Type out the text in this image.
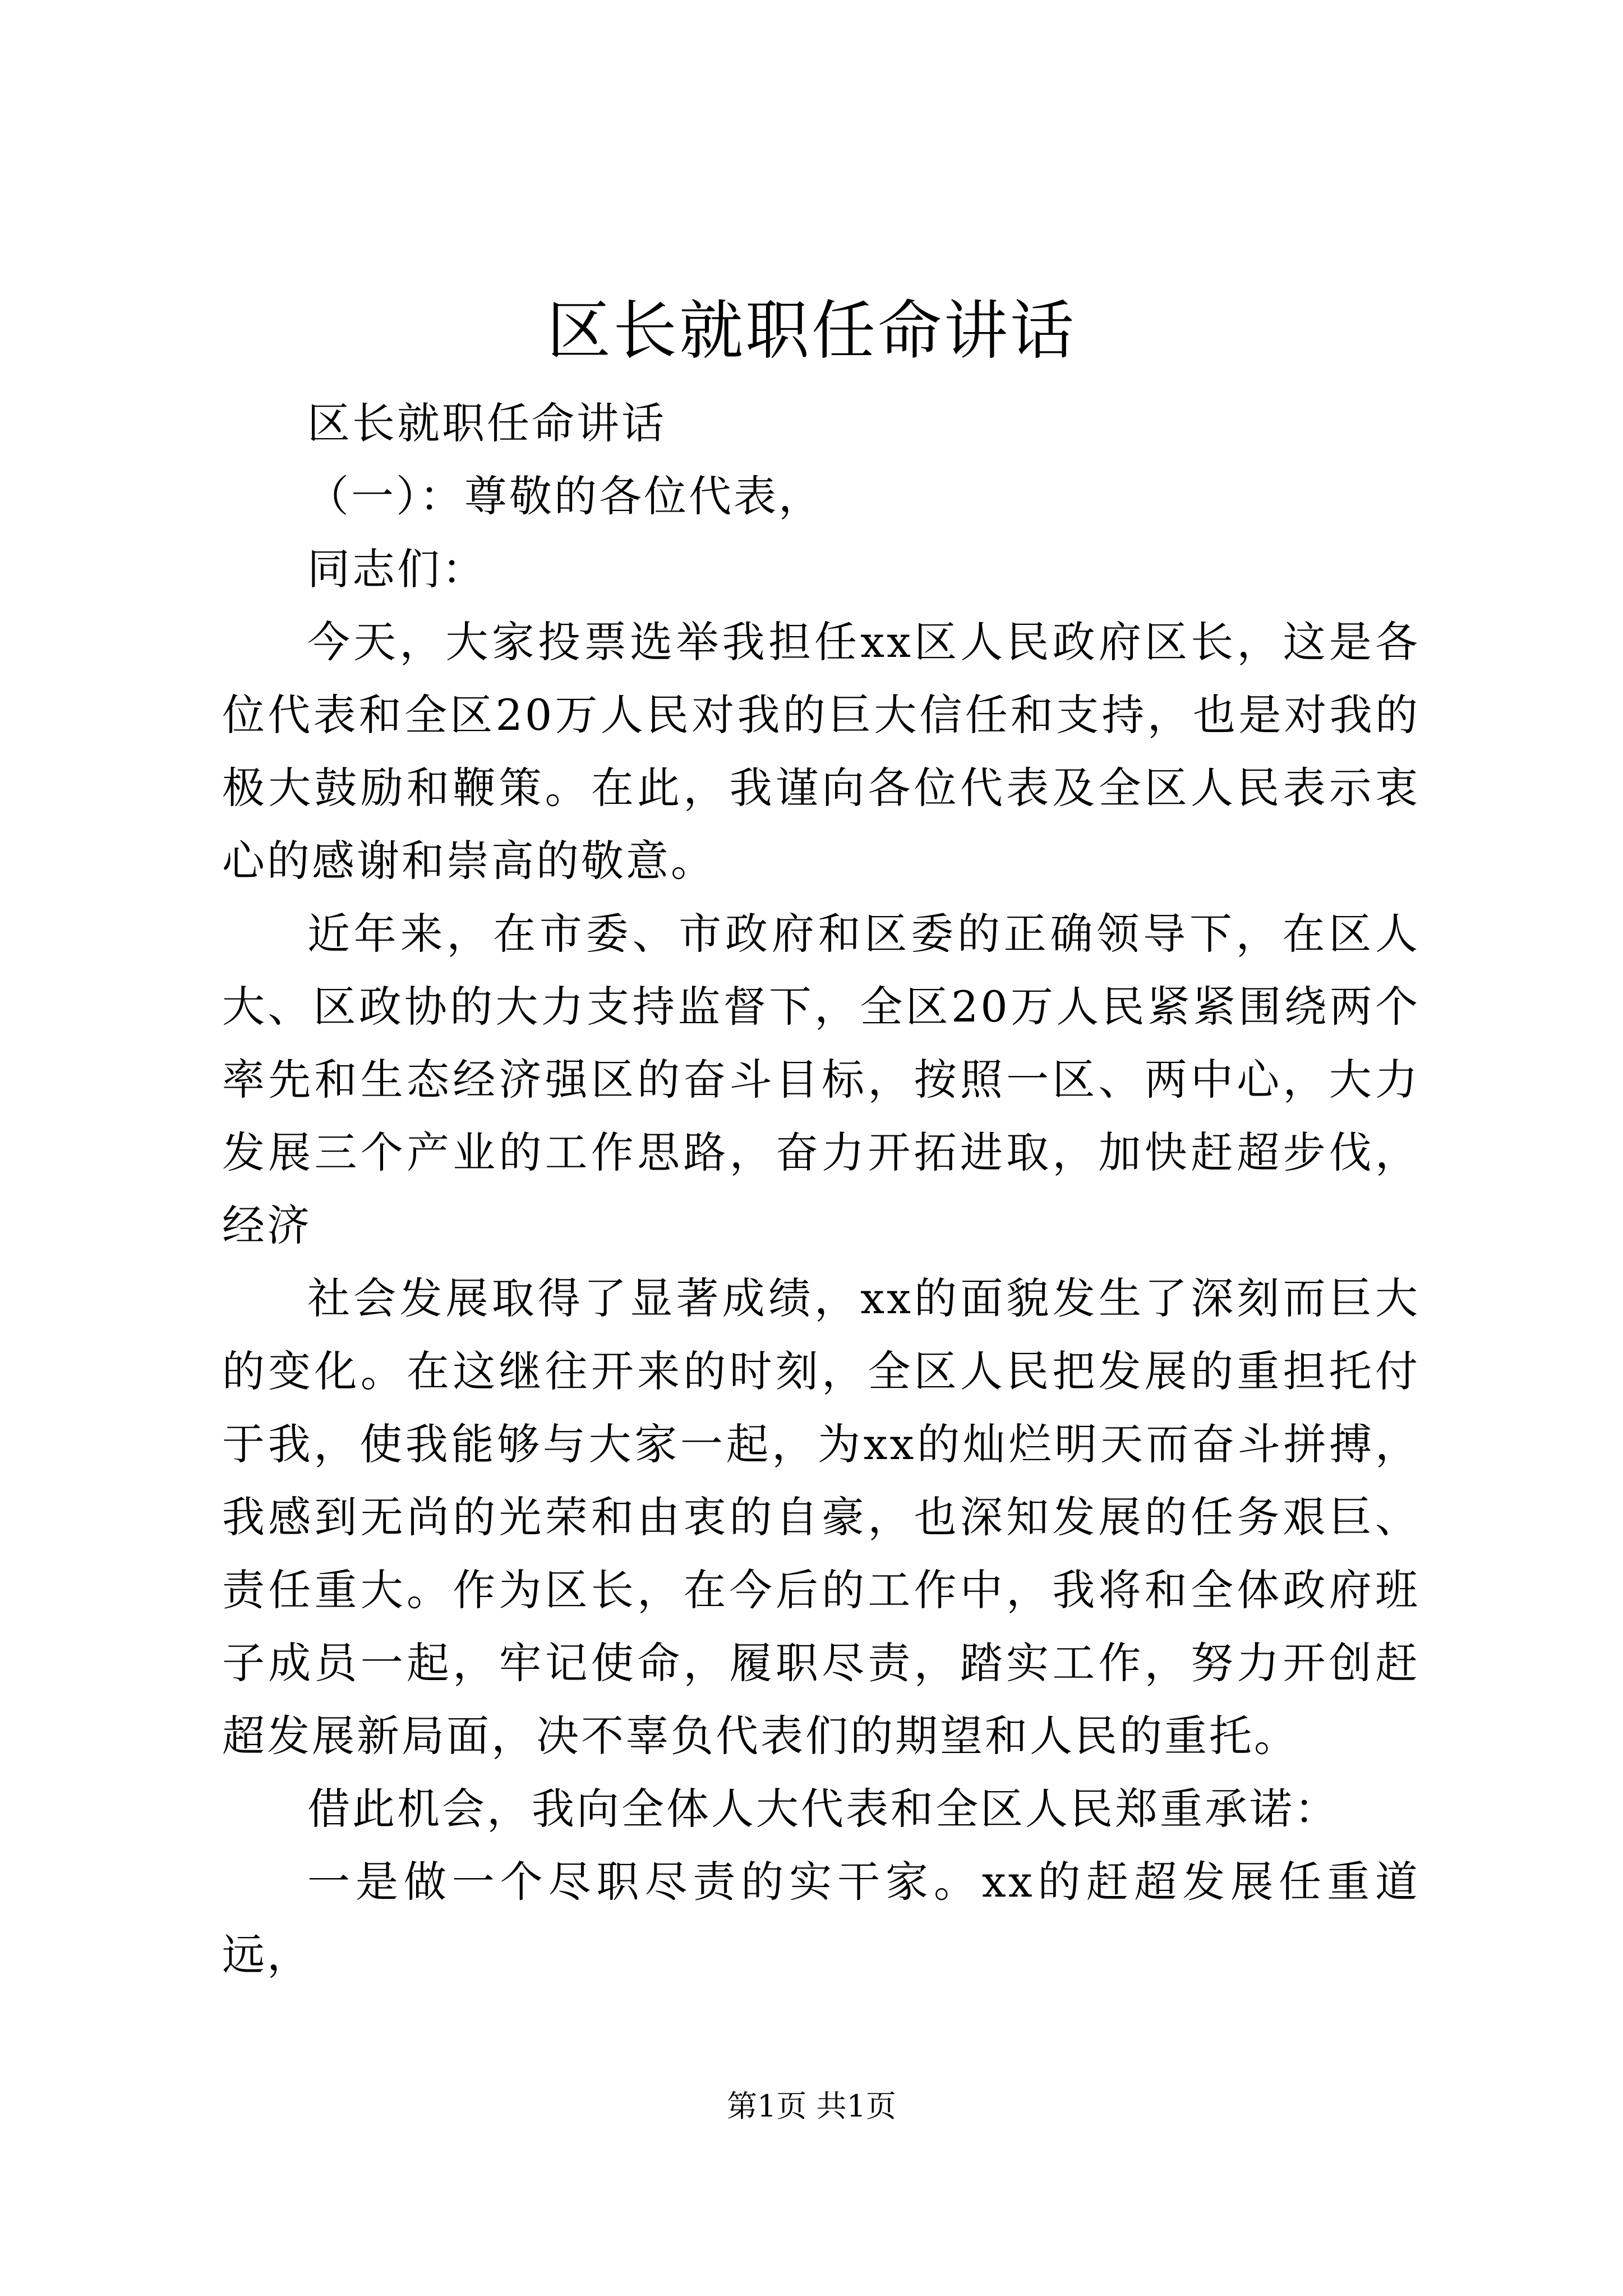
区长就职任命讲话

区长就职任命讲话

（一）：尊敬的各位代表，

同志们：

今天，大家投票选举我担任xx区人民政府区长，这是各位代表和全区20万人民对我的巨大信任和支持，也是对我的极大鼓励和鞭策。在此，我谨向各位代表及全区人民表示衷心的感谢和崇高的敬意。

近年来，在市委、市政府和区委的正确领导下，在区人大、区政协的大力支持监督下，全区20万人民紧紧围绕两个率先和生态经济强区的奋斗目标，按照一区、两中心，大力发展三个产业的工作思路，奋力开拓进取，加快赶超步伐，经济

社会发展取得了显著成绩，xx的面貌发生了深刻而巨大的变化。在这继往开来的时刻，全区人民把发展的重担托付于我，使我能够与大家一起，为xx的灿烂明天而奋斗拼搏，我感到无尚的光荣和由衷的自豪，也深知发展的任务艰巨、责任重大。作为区长，在今后的工作中，我将和全体政府班子成员一起，牢记使命，履职尽责，踏实工作，努力开创赶超发展新局面，决不辜负代表们的期望和人民的重托。

借此机会，我向全体人大代表和全区人民郑重承诺：

一是做一个尽职尽责的实干家。xx的赶超发展任重道远，

第1页 共1页
